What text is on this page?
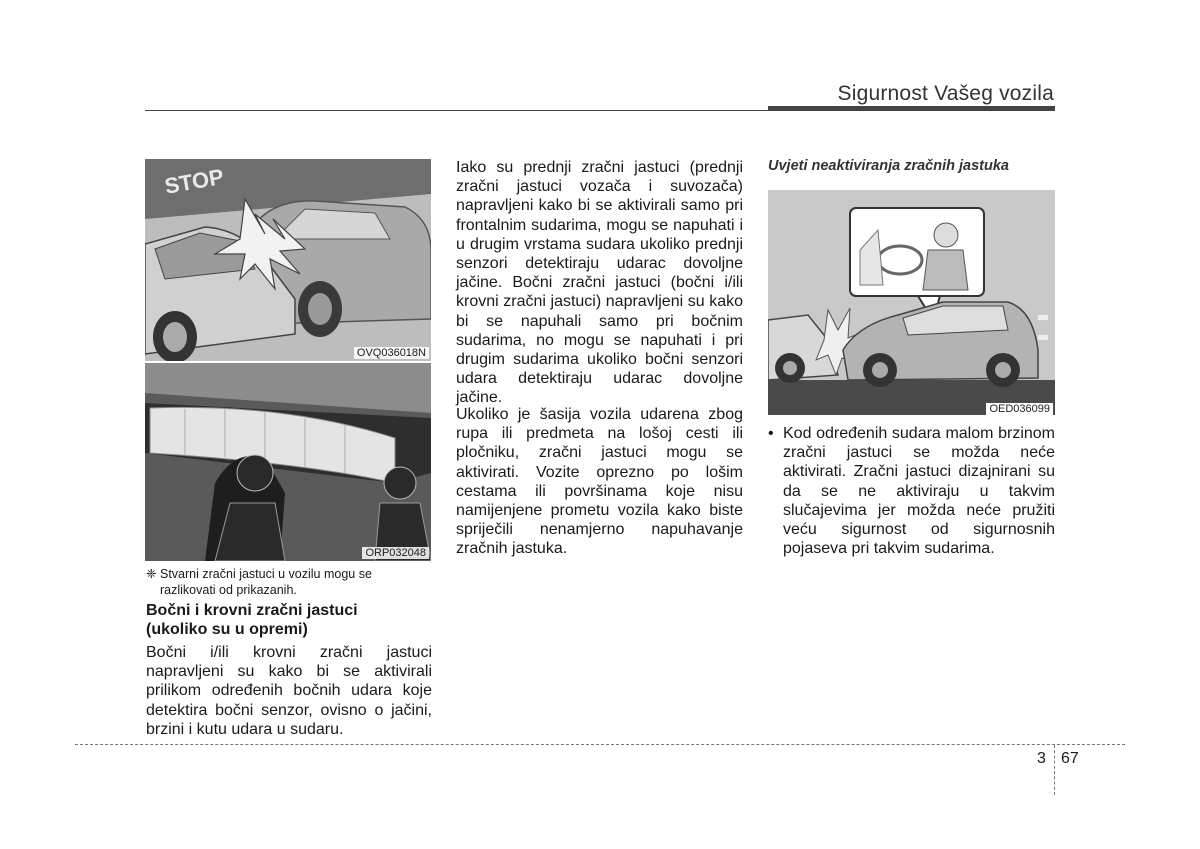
Sigurnost Vašeg vozila
STOP
OVQ036018N
ORP032048
❈ Stvarni zračni jastuci u vozilu mogu se razlikovati od prikazanih.
Bočni i krovni zračni jastuci (ukoliko su u opremi)

Bočni i/ili krovni zračni jastuci napravljeni su kako bi se aktivirali prilikom određenih bočnih udara koje detektira bočni senzor, ovisno o jačini, brzini i kutu udara u sudaru.

Iako su prednji zračni jastuci (prednji zračni jastuci vozača i suvozača) napravljeni kako bi se aktivirali samo pri frontalnim sudarima, mogu se napuhati i u drugim vrstama sudara ukoliko prednji senzori detektiraju udarac dovoljne jačine. Bočni zračni jastuci (bočni i/ili krovni zračni jastuci) napravljeni su kako bi se napuhali samo pri bočnim sudarima, no mogu se napuhati i pri drugim sudarima ukoliko bočni senzori udara detektiraju udarac dovoljne jačine.

Ukoliko je šasija vozila udarena zbog rupa ili predmeta na lošoj cesti ili pločniku, zračni jastuci mogu se aktivirati. Vozite oprezno po lošim cestama ili površinama koje nisu namijenjene prometu vozila kako biste spriječili nenamjerno napuhavanje zračnih jastuka.

Uvjeti neaktiviranja zračnih jastuka
OED036099
• Kod određenih sudara malom brzinom zračni jastuci se možda neće aktivirati. Zračni jastuci dizajnirani su da se ne aktiviraju u takvim slučajevima jer možda neće pružiti veću sigurnost od sigurnosnih pojaseva pri takvim sudarima.

3 67
